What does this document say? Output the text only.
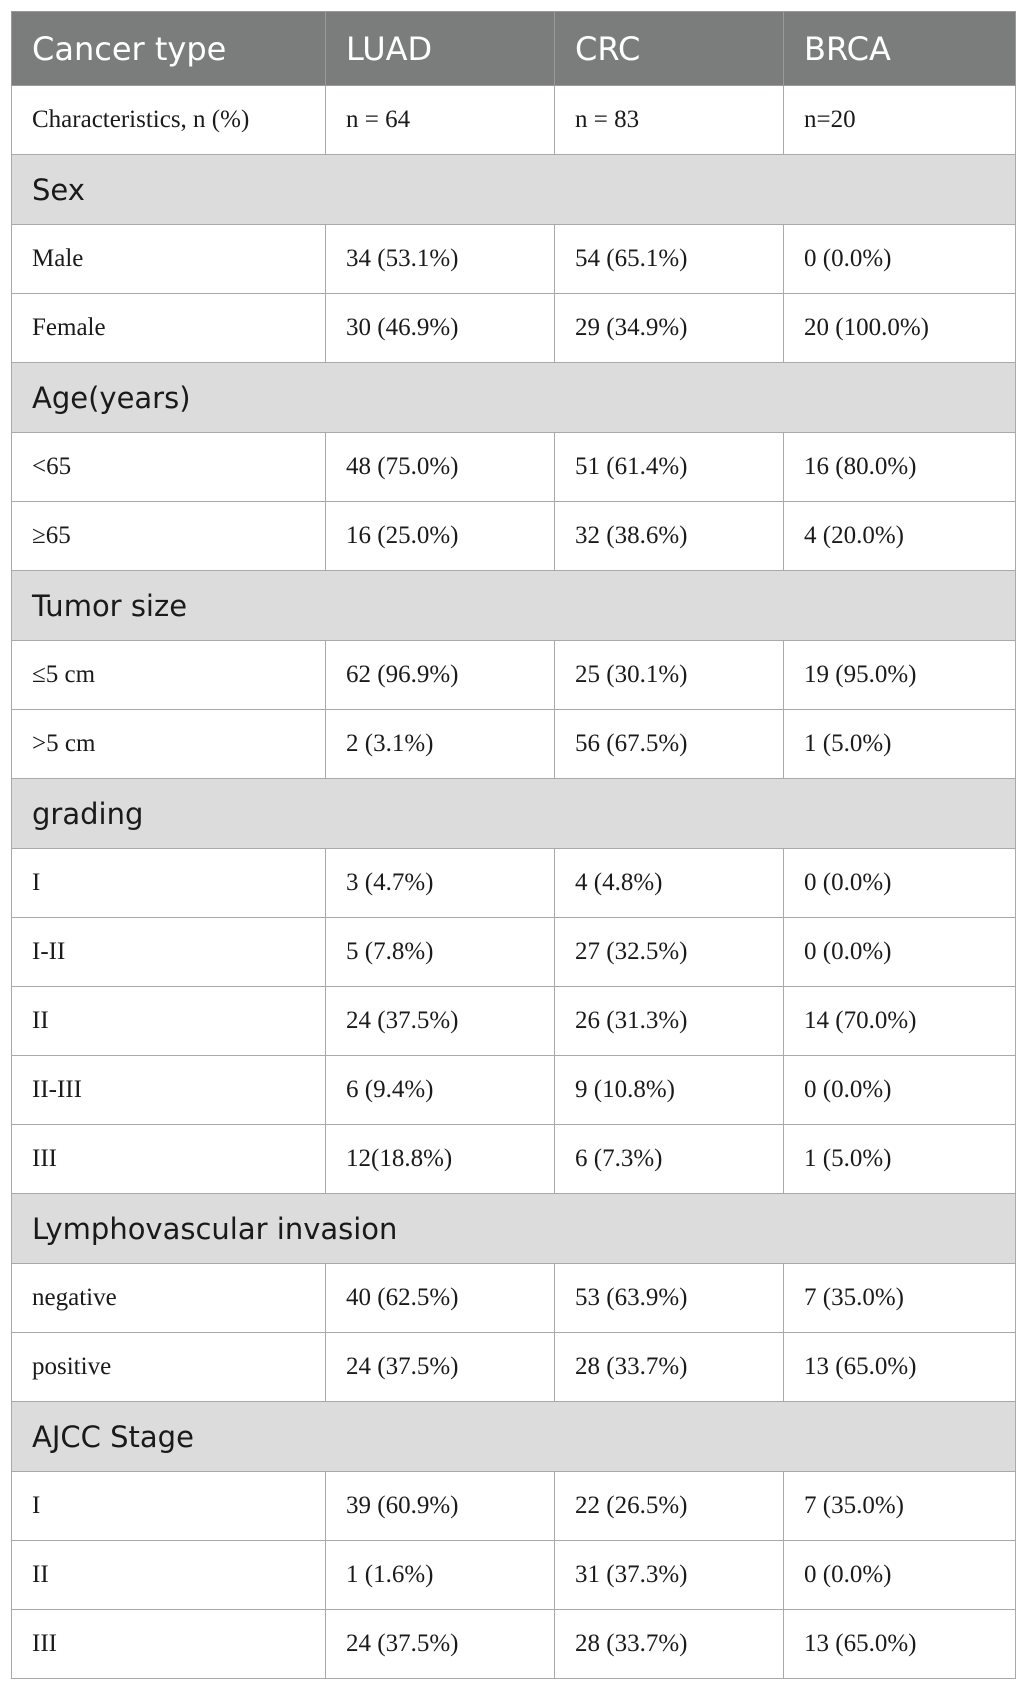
Cancer type	LUAD	CRC	BRCA
Characteristics, n (%)	n = 64	n = 83	n=20
Sex			
Male	34 (53.1%)	54 (65.1%)	0 (0.0%)
Female	30 (46.9%)	29 (34.9%)	20 (100.0%)
Age(years)			
<65	48 (75.0%)	51 (61.4%)	16 (80.0%)
≥65	16 (25.0%)	32 (38.6%)	4 (20.0%)
Tumor size			
≤5 cm	62 (96.9%)	25 (30.1%)	19 (95.0%)
>5 cm	2 (3.1%)	56 (67.5%)	1 (5.0%)
grading			
I	3 (4.7%)	4 (4.8%)	0 (0.0%)
I-II	5 (7.8%)	27 (32.5%)	0 (0.0%)
II	24 (37.5%)	26 (31.3%)	14 (70.0%)
II-III	6 (9.4%)	9 (10.8%)	0 (0.0%)
III	12(18.8%)	6 (7.3%)	1 (5.0%)
Lymphovascular invasion			
negative	40 (62.5%)	53 (63.9%)	7 (35.0%)
positive	24 (37.5%)	28 (33.7%)	13 (65.0%)
AJCC Stage			
I	39 (60.9%)	22 (26.5%)	7 (35.0%)
II	1 (1.6%)	31 (37.3%)	0 (0.0%)
III	24 (37.5%)	28 (33.7%)	13 (65.0%)
